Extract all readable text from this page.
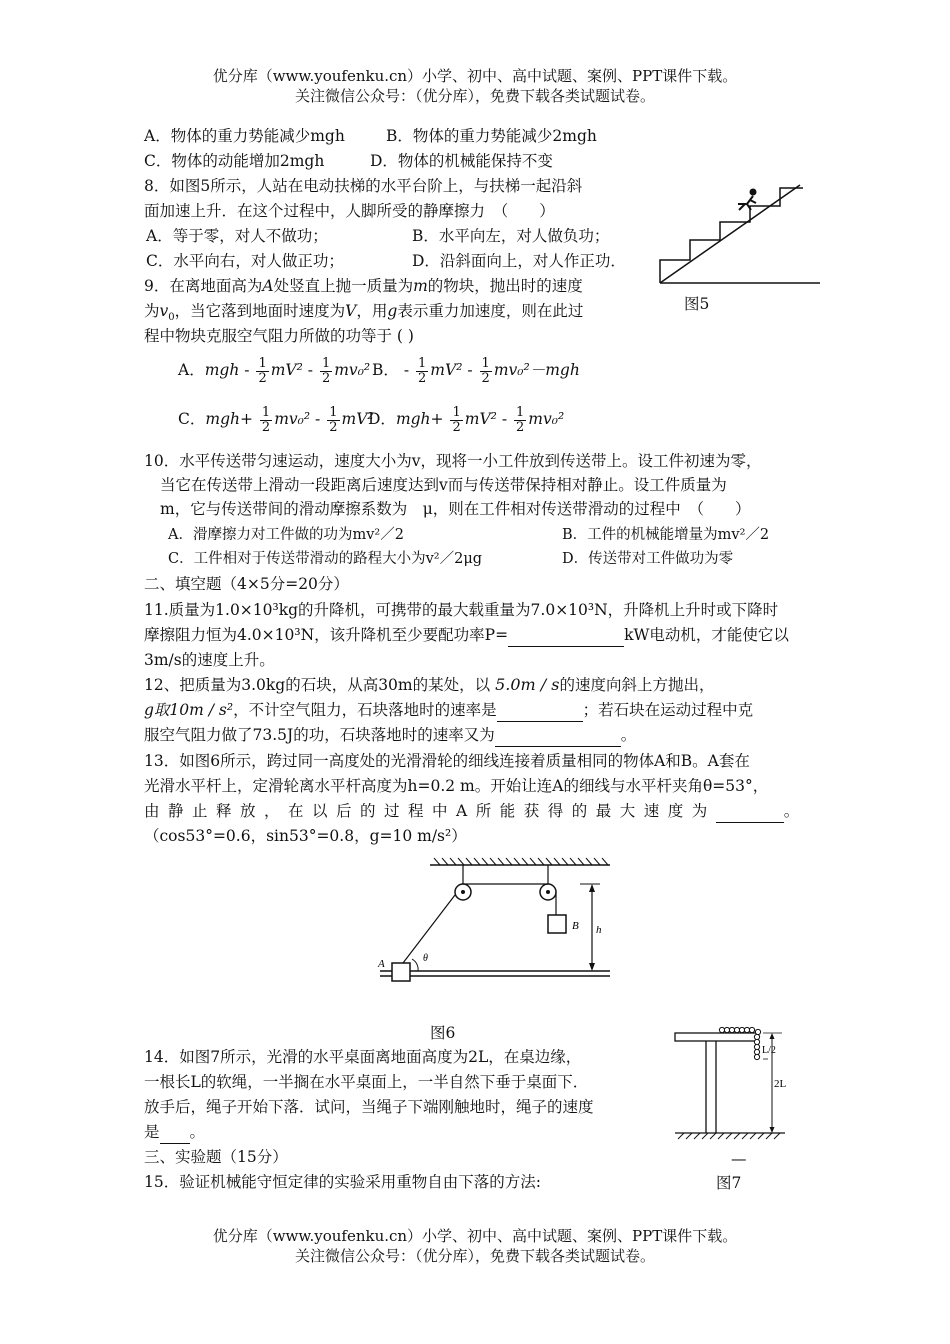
优分库（www.youfenku.cn）小学、初中、高中试题、案例、PPT课件下载。
关注微信公众号：（优分库），免费下载各类试题试卷。
A．物体的重力势能减少mgh	B．物体的重力势能减少2mgh
C．物体的动能增加2mgh	D．物体的机械能保持不变
8．如图5所示，人站在电动扶梯的水平台阶上，与扶梯一起沿斜
面加速上升．在这个过程中，人脚所受的静摩擦力　（　　）
A．等于零，对人不做功；	B．水平向左，对人做负功；
C．水平向右，对人做正功；	D．沿斜面向上，对人作正功．
图5
9．在离地面高为A处竖直上抛一质量为m的物块，抛出时的速度
为$v_0$，当它落到地面时速度为V，用g表示重力加速度，则在此过
程中物块克服空气阻力所做的功等于 ( )
A．mgh - $\frac{1}{2} mV^2 - \frac{1}{2} mv_0^2$ B． - $\frac{1}{2} mV^2 - \frac{1}{2} mv_0^2-mgh$
C．$mgh+ \frac{1}{2} mv_0^2 - \frac{1}{2} mV^2$
D．$mgh+ \frac{1}{2} mV^2 - \frac{1}{2} mv_0^2$
10．水平传送带匀速运动，速度大小为v，现将一小工件放到传送带上。设工件初速为零，
当它在传送带上滑动一段距离后速度达到v而与传送带保持相对静止。设工件质量为
m，它与传送带间的滑动摩擦系数为　μ，则在工件相对传送带滑动的过程中　（　　）
A．滑摩擦力对工件做的功为mv²／2	B．工件的机械能增量为mv²／2
C．工件相对于传送带滑动的路程大小为v²／2μg	D．传送带对工件做功为零
二、填空题（4×5分=20分）
11.质量为1.0×10³kg的升降机，可携带的最大载重量为7.0×10³N，升降机上升时或下降时
摩擦阻力恒为4.0×10³N，该升降机至少要配功率P=	kW电动机，才能使它以
3m/s的速度上升。
12、把质量为3.0kg的石块，从高30m的某处，以 5.0m / s的速度向斜上方抛出，
g取10m / s²，不计空气阻力，石块落地时的速率是	；若石块在运动过程中克
服空气阻力做了73.5J的功，石块落地时的速率又为	。
13．如图6所示，跨过同一高度处的光滑滑轮的细线连接着质量相同的物体A和B。A套在
光滑水平杆上，定滑轮离水平杆高度为h=0.2 m。开始让连A的细线与水平杆夹角θ=53°，
由静止释放，在以后的过程中A所能获得的最大速度为	。
（cos53°=0.6，sin53°=0.8，g=10 m/s²）
A
B h
θ
图6
14．如图7所示，光滑的水平桌面离地面高度为2L，在桌边缘，
一根长L的软绳，一半搁在水平桌面上，一半自然下垂于桌面下．
放手后，绳子开始下落．试问，当绳子下端刚触地时，绳子的速度
是 。
L/2
2L
—
图7
三、实验题（15分）
15．验证机械能守恒定律的实验采用重物自由下落的方法:
优分库（www.youfenku.cn）小学、初中、高中试题、案例、PPT课件下载。
关注微信公众号：（优分库），免费下载各类试题试卷。
